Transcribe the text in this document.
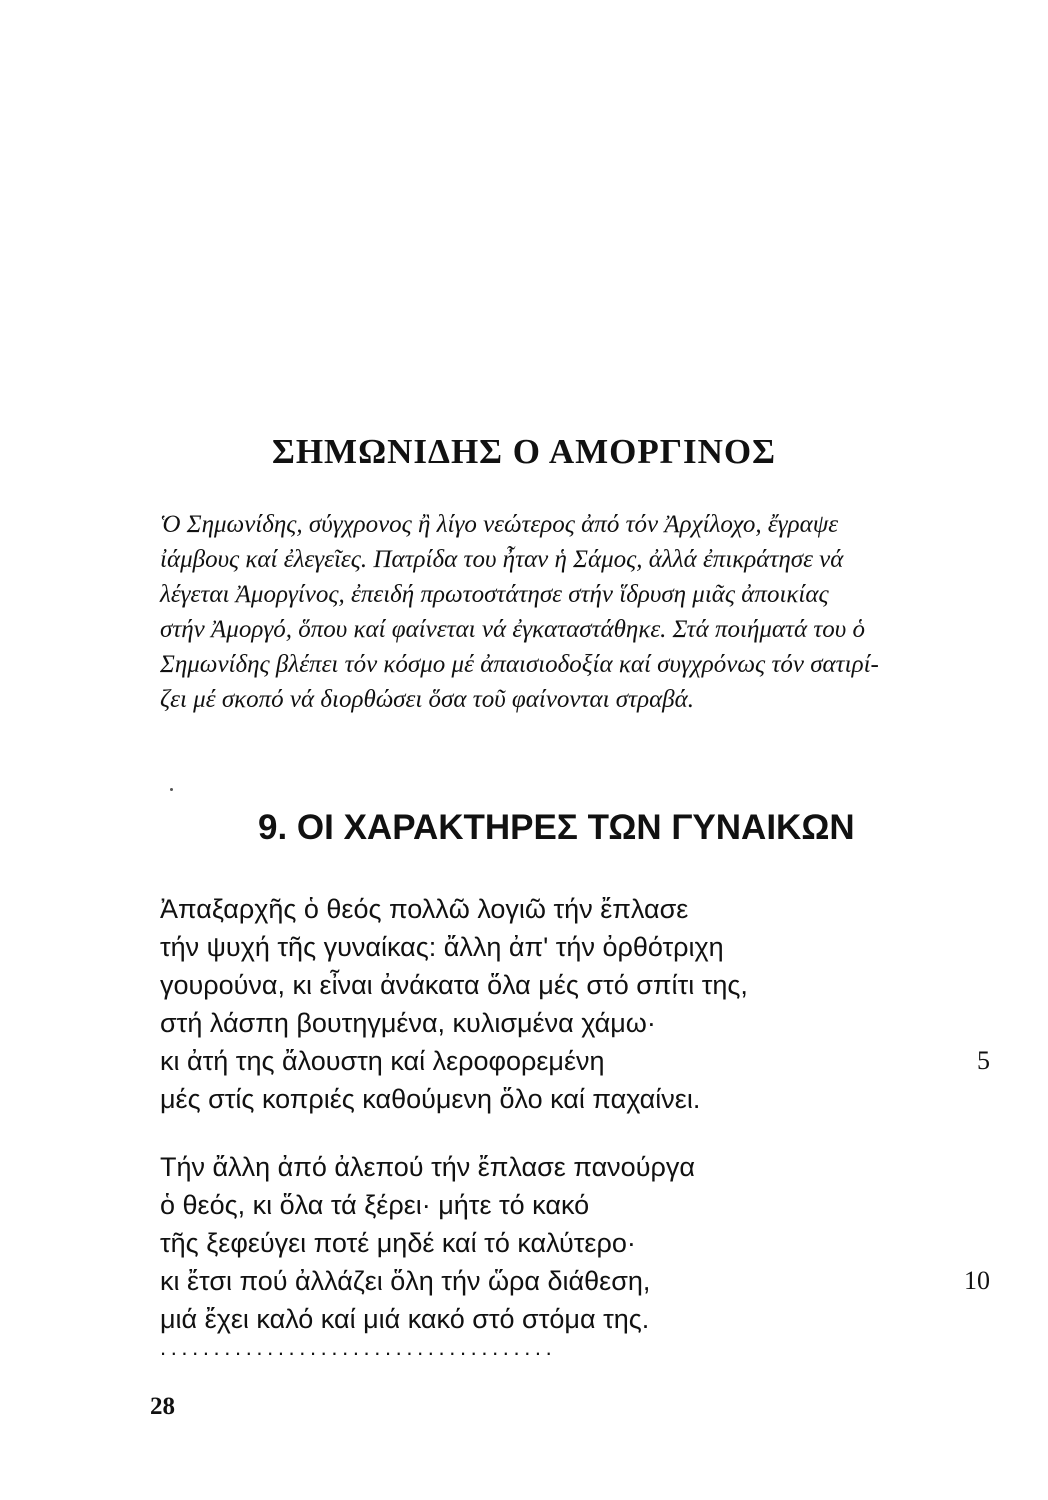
ΣΗΜΩΝΙΔΗΣ Ο ΑΜΟΡΓΙΝΟΣ

Ὁ Σημωνίδης, σύγχρονος ἢ λίγο νεώτερος ἀπό τόν Ἀρχίλοχο, ἔγραψε
ἰάμβους καί ἐλεγεῖες. Πατρίδα του ἦταν ἡ Σάμος, ἀλλά ἐπικράτησε νά
λέγεται Ἀμοργίνος, ἐπειδή πρωτοστάτησε στήν ἵδρυση μιᾶς ἀποικίας
στήν Ἀμοργό, ὅπου καί φαίνεται νά ἐγκαταστάθηκε. Στά ποιήματά του ὁ
Σημωνίδης βλέπει τόν κόσμο μέ ἀπαισιοδοξία καί συγχρόνως τόν σατιρί-
ζει μέ σκοπό νά διορθώσει ὅσα τοῦ φαίνονται στραβά.

9. ΟΙ ΧΑΡΑΚΤΗΡΕΣ ΤΩΝ ΓΥΝΑΙΚΩΝ
Ἀπαξαρχῆς ὁ θεός πολλῶ λογιῶ τήν ἔπλασε
τήν ψυχή τῆς γυναίκας: ἄλλη ἀπ' τήν ὀρθότριχη
γουρούνα, κι εἶναι ἀνάκατα ὅλα μές στό σπίτι της,
στή λάσπη βουτηγμένα, κυλισμένα χάμω·
κι ἀτή της ἄλουστη καί λεροφορεμένη	5
μές στίς κοπριές καθούμενη ὅλο καί παχαίνει.
Τήν ἄλλη ἀπό ἀλεπού τήν ἔπλασε πανούργα
ὁ θεός, κι ὅλα τά ξέρει· μήτε τό κακό
τῆς ξεφεύγει ποτέ μηδέ καί τό καλύτερο·
κι ἔτσι πού ἀλλάζει ὅλη τήν ὥρα διάθεση,	10
μιά ἔχει καλό καί μιά κακό στό στόμα της.

.....................................

28
